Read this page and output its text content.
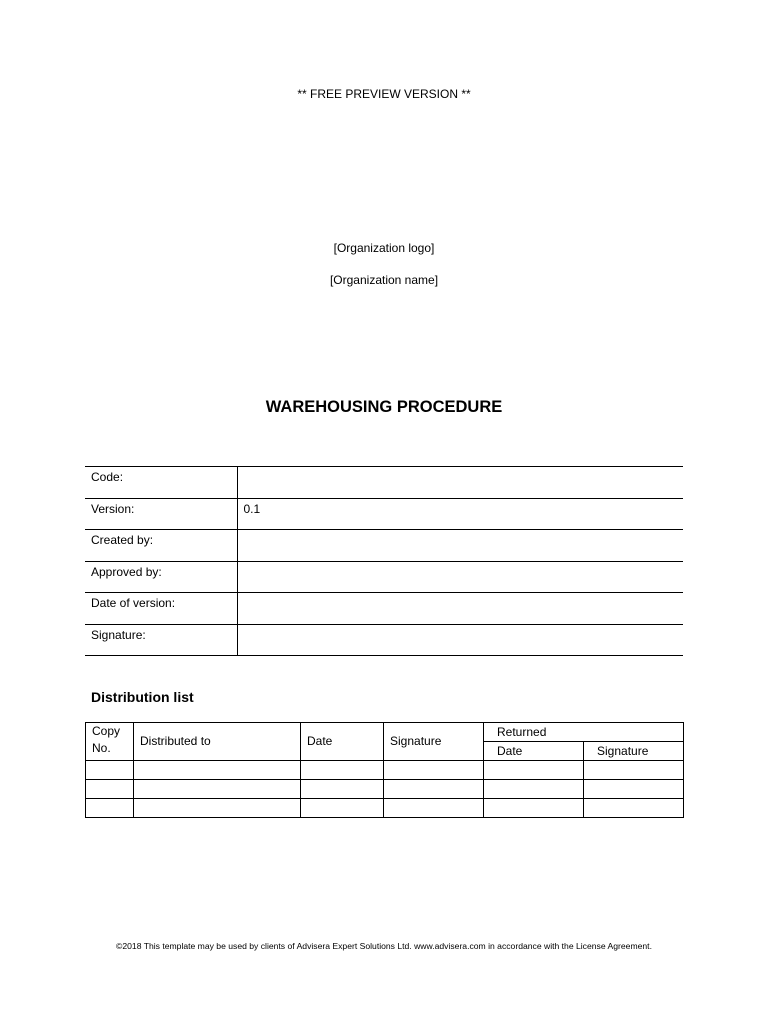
** FREE PREVIEW VERSION **
[Organization logo]
[Organization name]
WAREHOUSING PROCEDURE
Code:	
Version:	0.1
Created by:	
Approved by:	
Date of version:	
Signature:	
Distribution list
Copy No.	Distributed to	Date	Signature	Returned	
				Date	Signature

©2018 This template may be used by clients of Advisera Expert Solutions Ltd. www.advisera.com in accordance with the License Agreement.
